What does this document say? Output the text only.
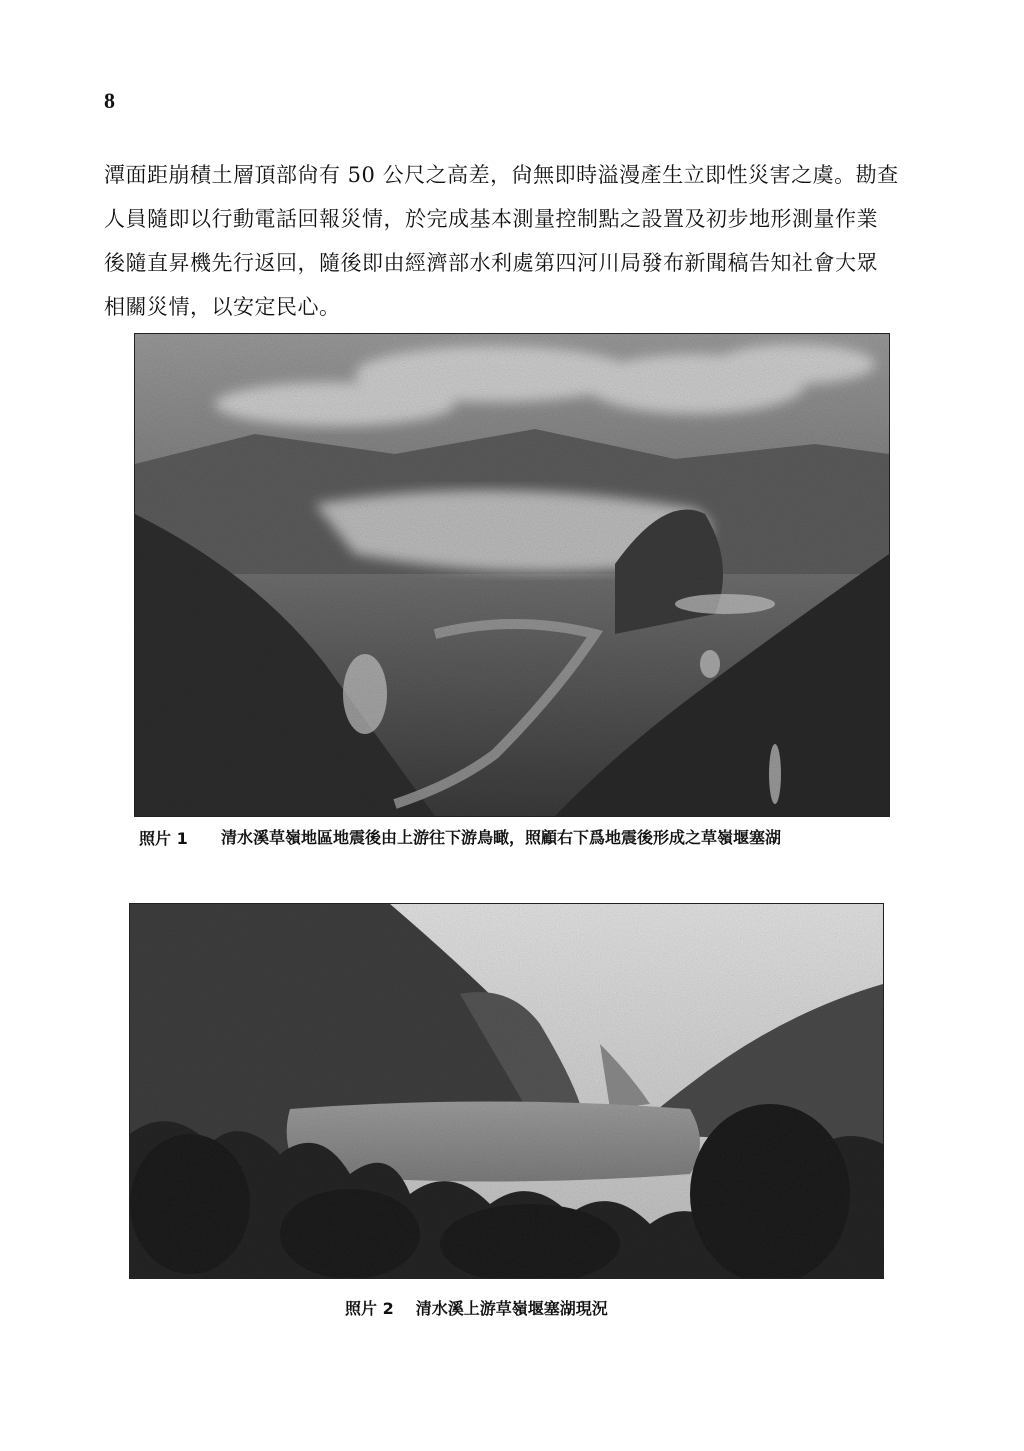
8
潭面距崩積土層頂部尙有 50 公尺之高差，尙無即時溢漫產生立即性災害之虞。勘查
人員隨即以行動電話回報災情，於完成基本測量控制點之設置及初步地形測量作業
後隨直昇機先行返回，隨後即由經濟部水利處第四河川局發布新聞稿告知社會大眾
相關災情，以安定民心。
照片 1 清水溪草嶺地區地震後由上游往下游鳥瞰，照顧右下爲地震後形成之草嶺堰塞湖
照片 2 清水溪上游草嶺堰塞湖現況
